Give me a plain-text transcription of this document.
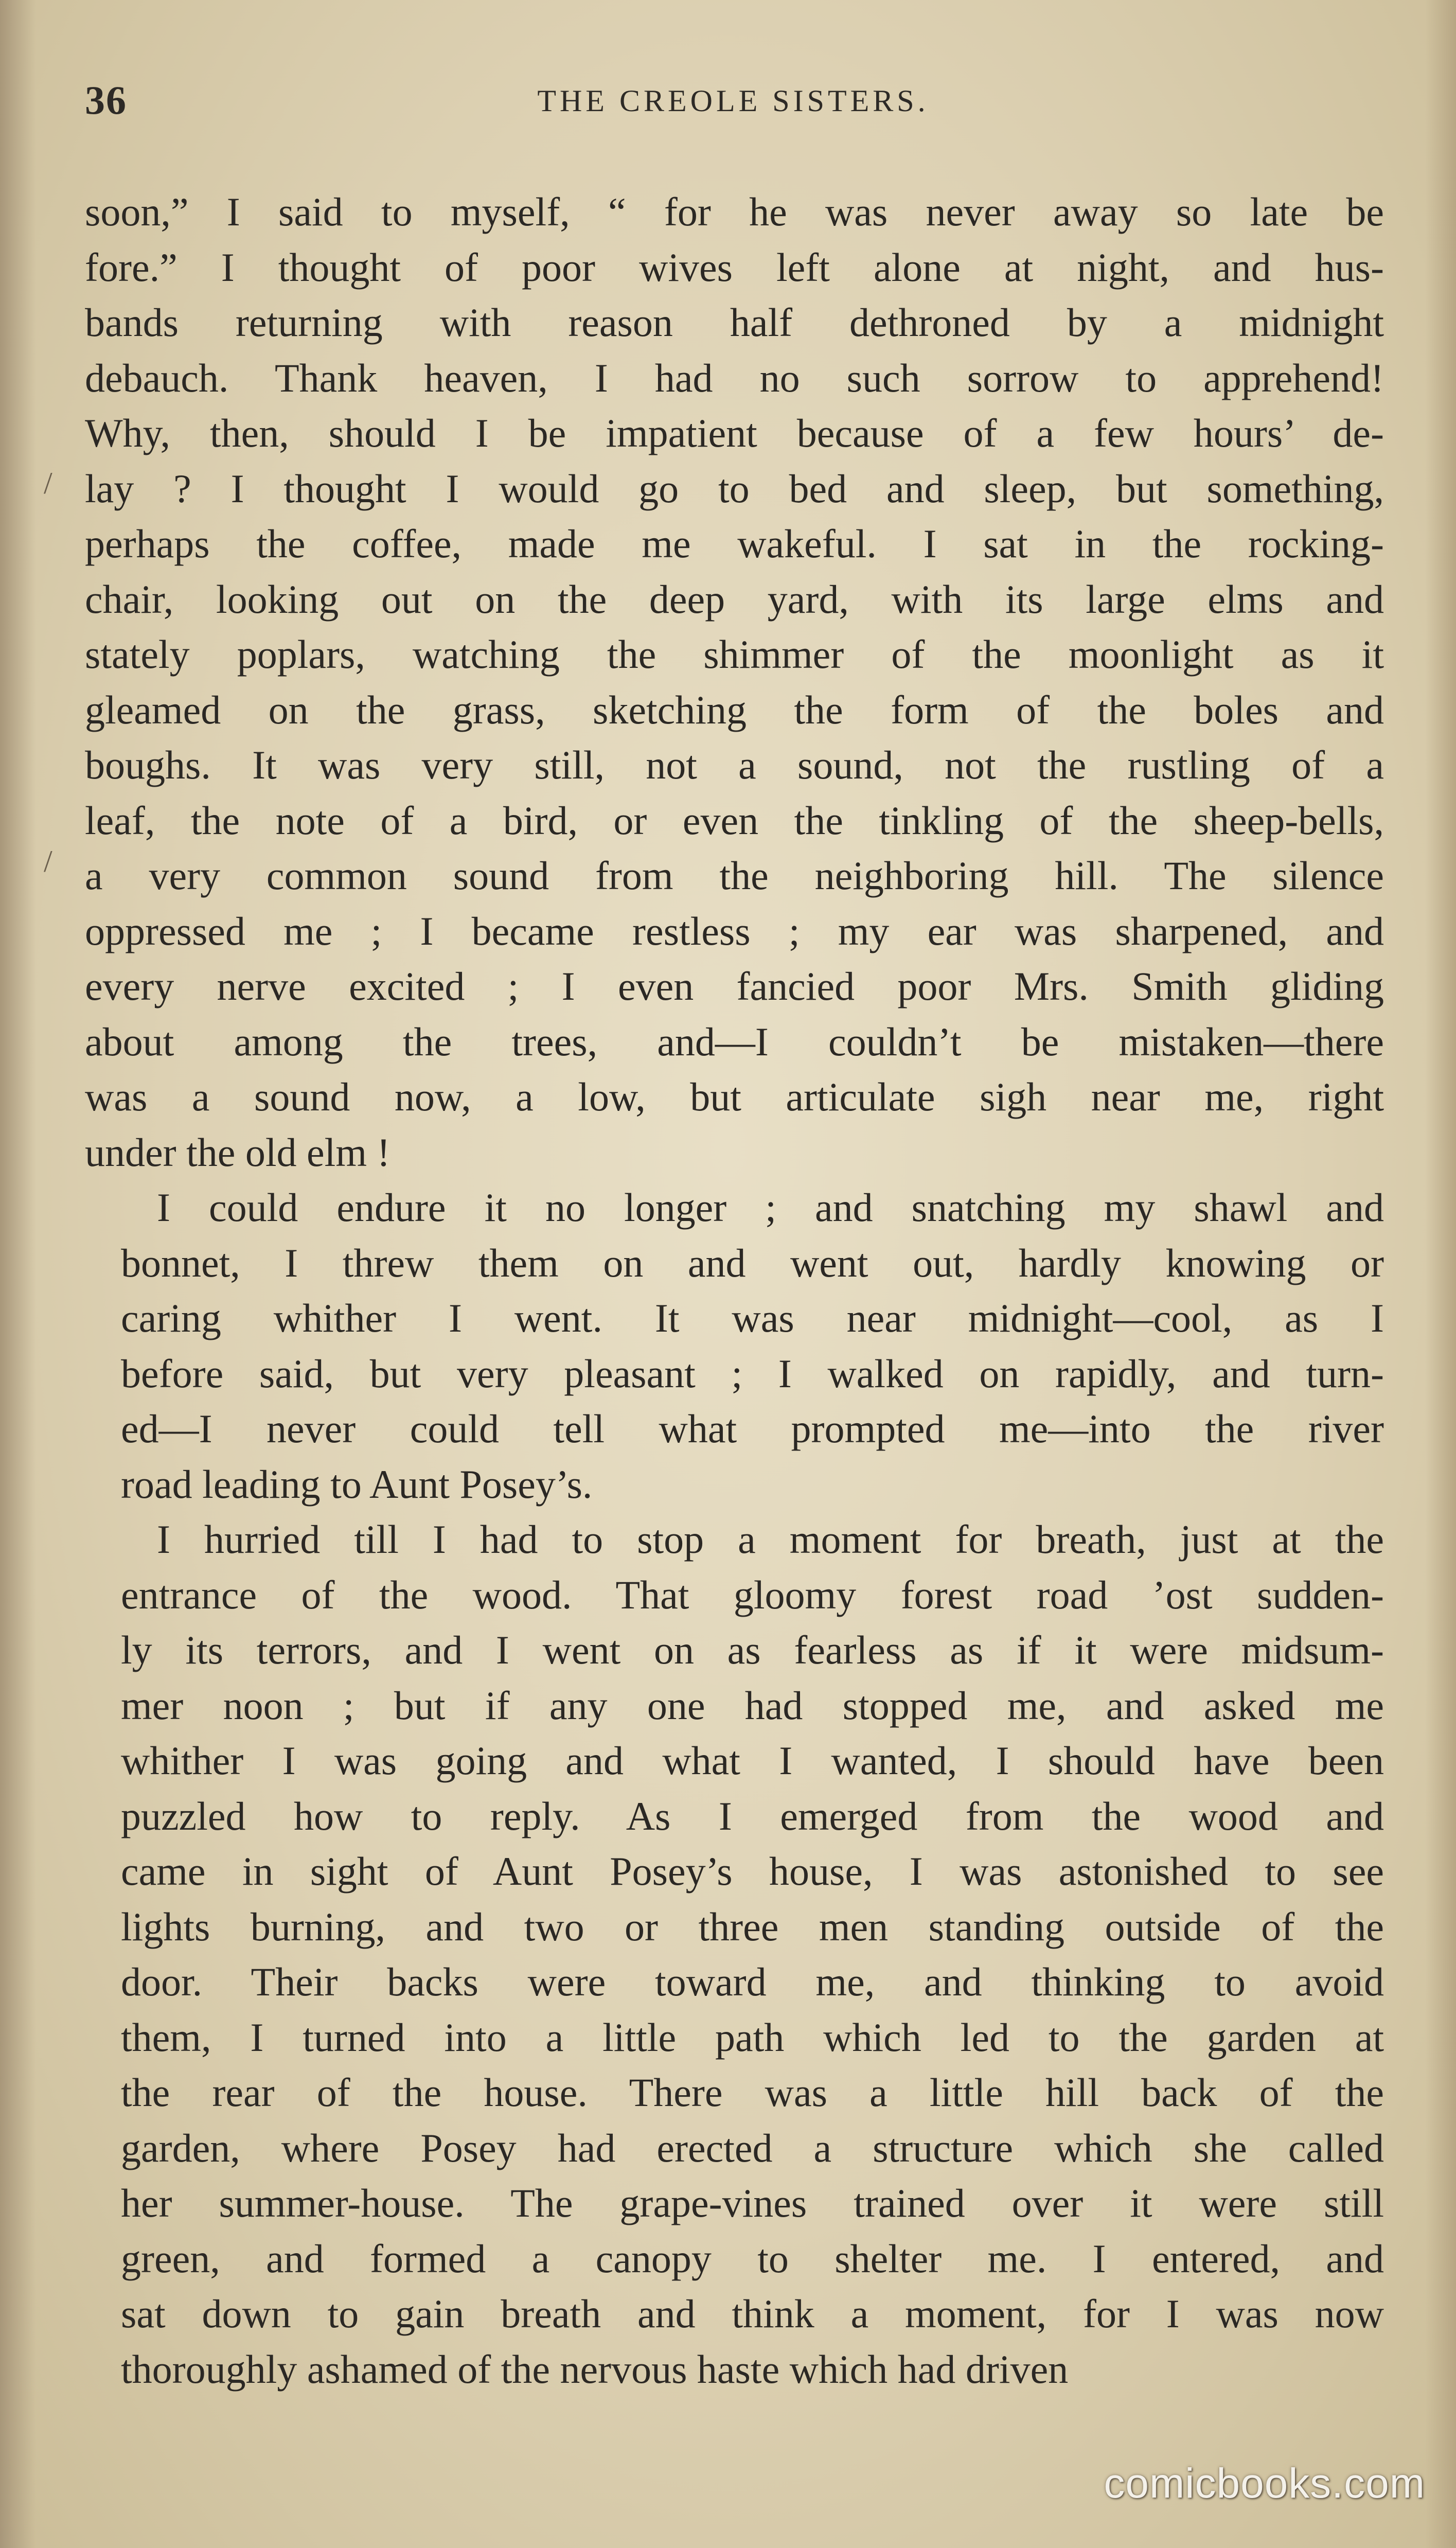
36	THE CREOLE SISTERS.
soon,” I said to myself, “ for he was never away so late be
fore.” I thought of poor wives left alone at night, and hus-
bands returning with reason half dethroned by a midnight
debauch. Thank heaven, I had no such sorrow to apprehend!
Why, then, should I be impatient because of a few hours’ de-
lay ? I thought I would go to bed and sleep, but something,
perhaps the coffee, made me wakeful. I sat in the rocking-
chair, looking out on the deep yard, with its large elms and
stately poplars, watching the shimmer of the moonlight as it
gleamed on the grass, sketching the form of the boles and
boughs. It was very still, not a sound, not the rustling of a
leaf, the note of a bird, or even the tinkling of the sheep-bells,
a very common sound from the neighboring hill. The silence
oppressed me ; I became restless ; my ear was sharpened, and
every nerve excited ; I even fancied poor Mrs. Smith gliding
about among the trees, and—I couldn’t be mistaken—there
was a sound now, a low, but articulate sigh near me, right
under the old elm !
I could endure it no longer ; and snatching my shawl and
bonnet, I threw them on and went out, hardly knowing or
caring whither I went. It was near midnight—cool, as I
before said, but very pleasant ; I walked on rapidly, and turn-
ed—I never could tell what prompted me—into the river
road leading to Aunt Posey’s.
I hurried till I had to stop a moment for breath, just at the
entrance of the wood. That gloomy forest road ’ost sudden-
ly its terrors, and I went on as fearless as if it were midsum-
mer noon ; but if any one had stopped me, and asked me
whither I was going and what I wanted, I should have been
puzzled how to reply. As I emerged from the wood and
came in sight of Aunt Posey’s house, I was astonished to see
lights burning, and two or three men standing outside of the
door. Their backs were toward me, and thinking to avoid
them, I turned into a little path which led to the garden at
the rear of the house. There was a little hill back of the
garden, where Posey had erected a structure which she called
her summer-house. The grape-vines trained over it were still
green, and formed a canopy to shelter me. I entered, and
sat down to gain breath and think a moment, for I was now
thoroughly ashamed of the nervous haste which had driven
/
/
comicbooks.com
